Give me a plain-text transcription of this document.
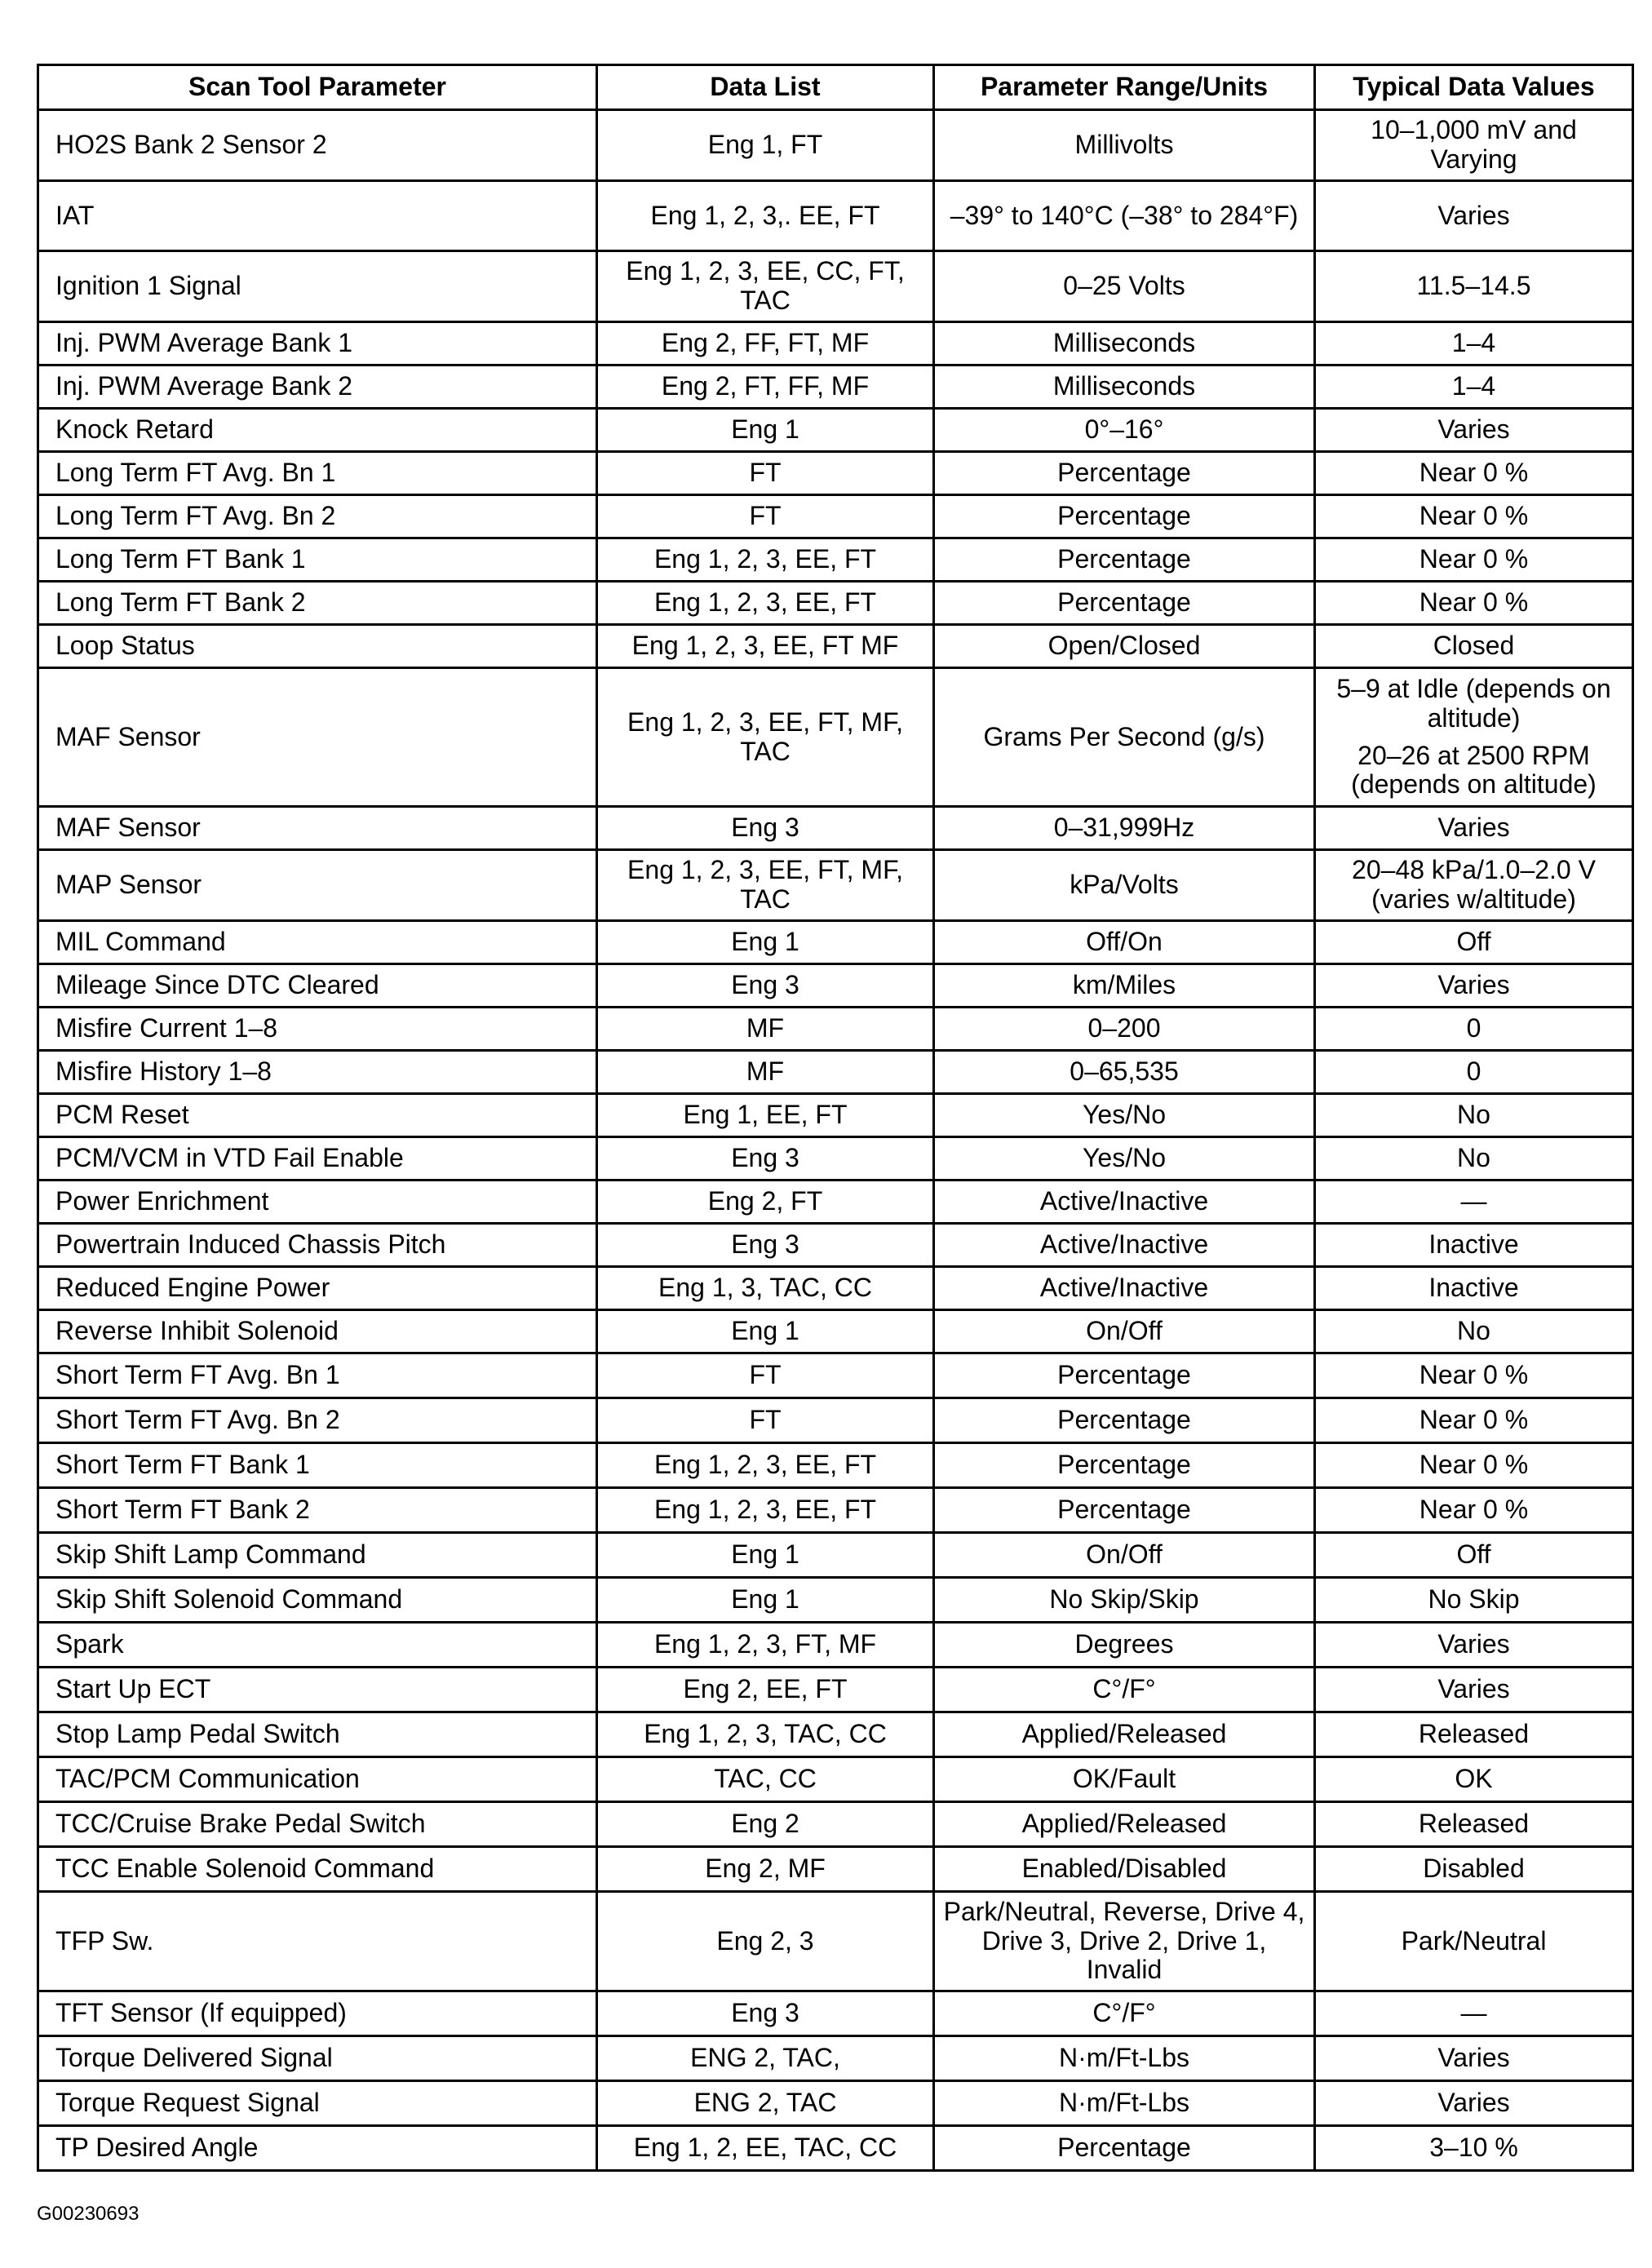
Scan Tool Parameter	Data List	Parameter Range/Units	Typical Data Values
HO2S Bank 2 Sensor 2	Eng 1, FT	Millivolts	10–1,000 mV and Varying
IAT	Eng 1, 2, 3,. EE, FT	–39° to 140°C (–38° to 284°F)	Varies
Ignition 1 Signal	Eng 1, 2, 3, EE, CC, FT, TAC	0–25 Volts	11.5–14.5
Inj. PWM Average Bank 1	Eng 2, FF, FT, MF	Milliseconds	1–4
Inj. PWM Average Bank 2	Eng 2, FT, FF, MF	Milliseconds	1–4
Knock Retard	Eng 1	0°–16°	Varies
Long Term FT Avg. Bn 1	FT	Percentage	Near 0 %
Long Term FT Avg. Bn 2	FT	Percentage	Near 0 %
Long Term FT Bank 1	Eng 1, 2, 3, EE, FT	Percentage	Near 0 %
Long Term FT Bank 2	Eng 1, 2, 3, EE, FT	Percentage	Near 0 %
Loop Status	Eng 1, 2, 3, EE, FT MF	Open/Closed	Closed
MAF Sensor	Eng 1, 2, 3, EE, FT, MF, TAC	Grams Per Second (g/s)	5–9 at Idle (depends on altitude)
20–26 at 2500 RPM (depends on altitude)

MAF Sensor	Eng 3	0–31,999Hz	Varies
MAP Sensor	Eng 1, 2, 3, EE, FT, MF, TAC	kPa/Volts	20–48 kPa/1.0–2.0 V (varies w/altitude)
MIL Command	Eng 1	Off/On	Off
Mileage Since DTC Cleared	Eng 3	km/Miles	Varies
Misfire Current 1–8	MF	0–200	0
Misfire History 1–8	MF	0–65,535	0
PCM Reset	Eng 1, EE, FT	Yes/No	No
PCM/VCM in VTD Fail Enable	Eng 3	Yes/No	No
Power Enrichment	Eng 2, FT	Active/Inactive	—
Powertrain Induced Chassis Pitch	Eng 3	Active/Inactive	Inactive
Reduced Engine Power	Eng 1, 3, TAC, CC	Active/Inactive	Inactive
Reverse Inhibit Solenoid	Eng 1	On/Off	No
Short Term FT Avg. Bn 1	FT	Percentage	Near 0 %
Short Term FT Avg. Bn 2	FT	Percentage	Near 0 %
Short Term FT Bank 1	Eng 1, 2, 3, EE, FT	Percentage	Near 0 %
Short Term FT Bank 2	Eng 1, 2, 3, EE, FT	Percentage	Near 0 %
Skip Shift Lamp Command	Eng 1	On/Off	Off
Skip Shift Solenoid Command	Eng 1	No Skip/Skip	No Skip
Spark	Eng 1, 2, 3, FT, MF	Degrees	Varies
Start Up ECT	Eng 2, EE, FT	C°/F°	Varies
Stop Lamp Pedal Switch	Eng 1, 2, 3, TAC, CC	Applied/Released	Released
TAC/PCM Communication	TAC, CC	OK/Fault	OK
TCC/Cruise Brake Pedal Switch	Eng 2	Applied/Released	Released
TCC Enable Solenoid Command	Eng 2, MF	Enabled/Disabled	Disabled
TFP Sw.	Eng 2, 3	Park/Neutral, Reverse, Drive 4, Drive 3, Drive 2, Drive 1, Invalid	Park/Neutral
TFT Sensor (If equipped)	Eng 3	C°/F°	—
Torque Delivered Signal	ENG 2, TAC,	N·m/Ft-Lbs	Varies
Torque Request Signal	ENG 2, TAC	N·m/Ft-Lbs	Varies
TP Desired Angle	Eng 1, 2, EE, TAC, CC	Percentage	3–10 %
G00230693
